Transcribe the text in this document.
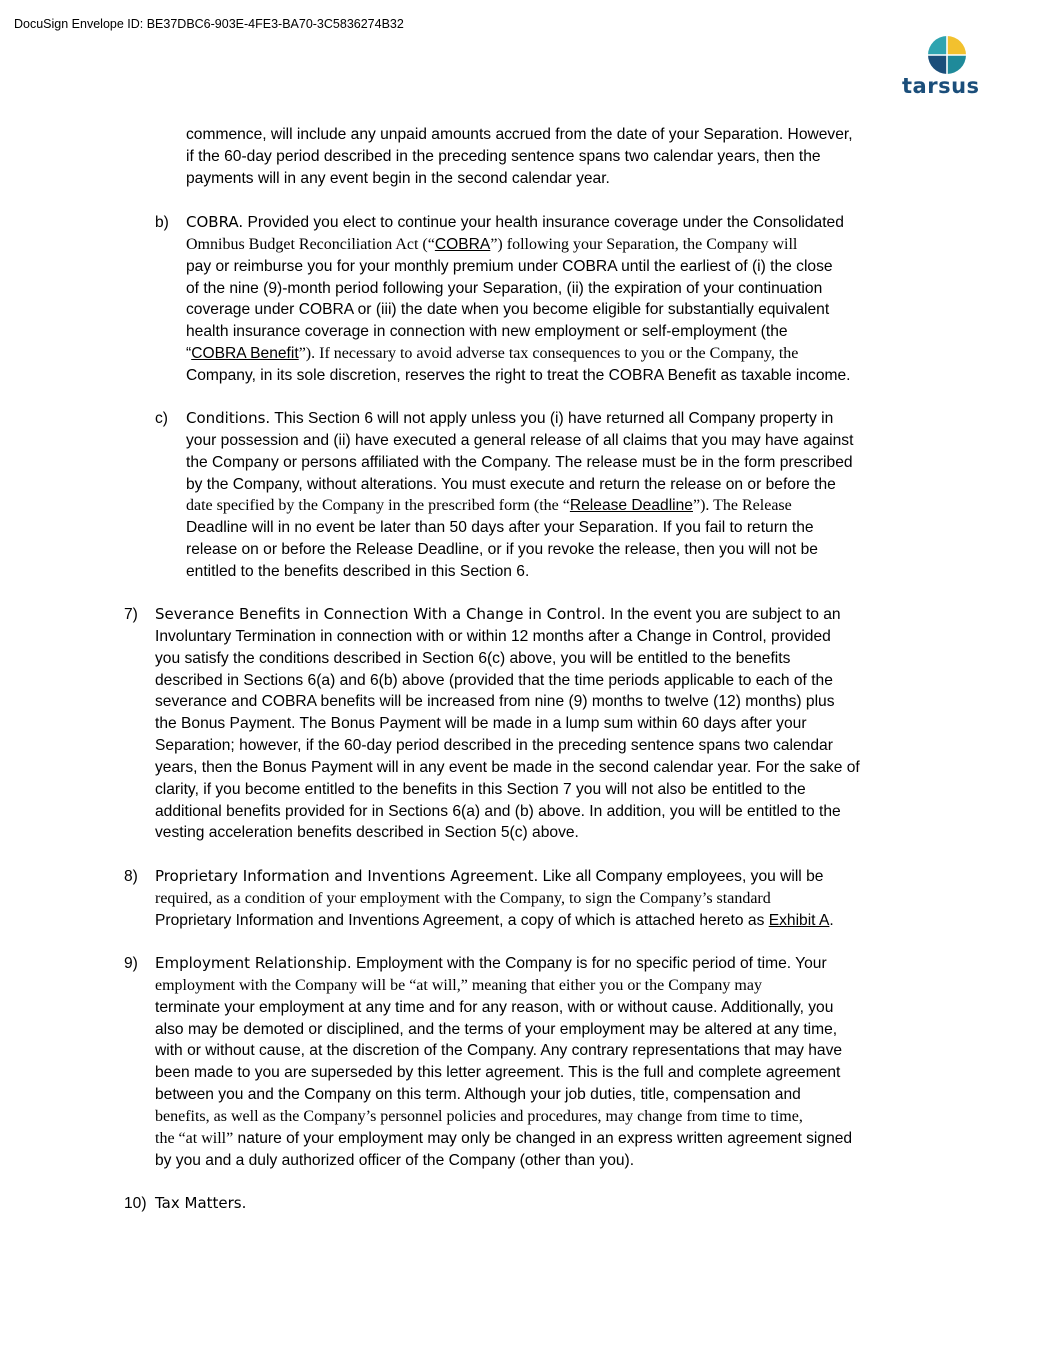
DocuSign Envelope ID: BE37DBC6-903E-4FE3-BA70-3C5836274B32
tarsus
commence, will include any unpaid amounts accrued from the date of your Separation. However,
if the 60-day period described in the preceding sentence spans two calendar years, then the
payments will in any event begin in the second calendar year.
b) COBRA. Provided you elect to continue your health insurance coverage under the Consolidated
Omnibus Budget Reconciliation Act (“COBRA”) following your Separation, the Company will
pay or reimburse you for your monthly premium under COBRA until the earliest of (i) the close
of the nine (9)-month period following your Separation, (ii) the expiration of your continuation
coverage under COBRA or (iii) the date when you become eligible for substantially equivalent
health insurance coverage in connection with new employment or self-employment (the
“COBRA Benefit”). If necessary to avoid adverse tax consequences to you or the Company, the
Company, in its sole discretion, reserves the right to treat the COBRA Benefit as taxable income.
c) Conditions. This Section 6 will not apply unless you (i) have returned all Company property in
your possession and (ii) have executed a general release of all claims that you may have against
the Company or persons affiliated with the Company. The release must be in the form prescribed
by the Company, without alterations. You must execute and return the release on or before the
date specified by the Company in the prescribed form (the “Release Deadline”). The Release
Deadline will in no event be later than 50 days after your Separation. If you fail to return the
release on or before the Release Deadline, or if you revoke the release, then you will not be
entitled to the benefits described in this Section 6.
7) Severance Benefits in Connection With a Change in Control. In the event you are subject to an
Involuntary Termination in connection with or within 12 months after a Change in Control, provided
you satisfy the conditions described in Section 6(c) above, you will be entitled to the benefits
described in Sections 6(a) and 6(b) above (provided that the time periods applicable to each of the
severance and COBRA benefits will be increased from nine (9) months to twelve (12) months) plus
the Bonus Payment. The Bonus Payment will be made in a lump sum within 60 days after your
Separation; however, if the 60-day period described in the preceding sentence spans two calendar
years, then the Bonus Payment will in any event be made in the second calendar year. For the sake of
clarity, if you become entitled to the benefits in this Section 7 you will not also be entitled to the
additional benefits provided for in Sections 6(a) and (b) above. In addition, you will be entitled to the
vesting acceleration benefits described in Section 5(c) above.
8) Proprietary Information and Inventions Agreement. Like all Company employees, you will be
required, as a condition of your employment with the Company, to sign the Company’s standard
Proprietary Information and Inventions Agreement, a copy of which is attached hereto as Exhibit A.
9) Employment Relationship. Employment with the Company is for no specific period of time. Your
employment with the Company will be “at will,” meaning that either you or the Company may
terminate your employment at any time and for any reason, with or without cause. Additionally, you
also may be demoted or disciplined, and the terms of your employment may be altered at any time,
with or without cause, at the discretion of the Company. Any contrary representations that may have
been made to you are superseded by this letter agreement. This is the full and complete agreement
between you and the Company on this term. Although your job duties, title, compensation and
benefits, as well as the Company’s personnel policies and procedures, may change from time to time,
the “at will” nature of your employment may only be changed in an express written agreement signed
by you and a duly authorized officer of the Company (other than you).
10) Tax Matters.
